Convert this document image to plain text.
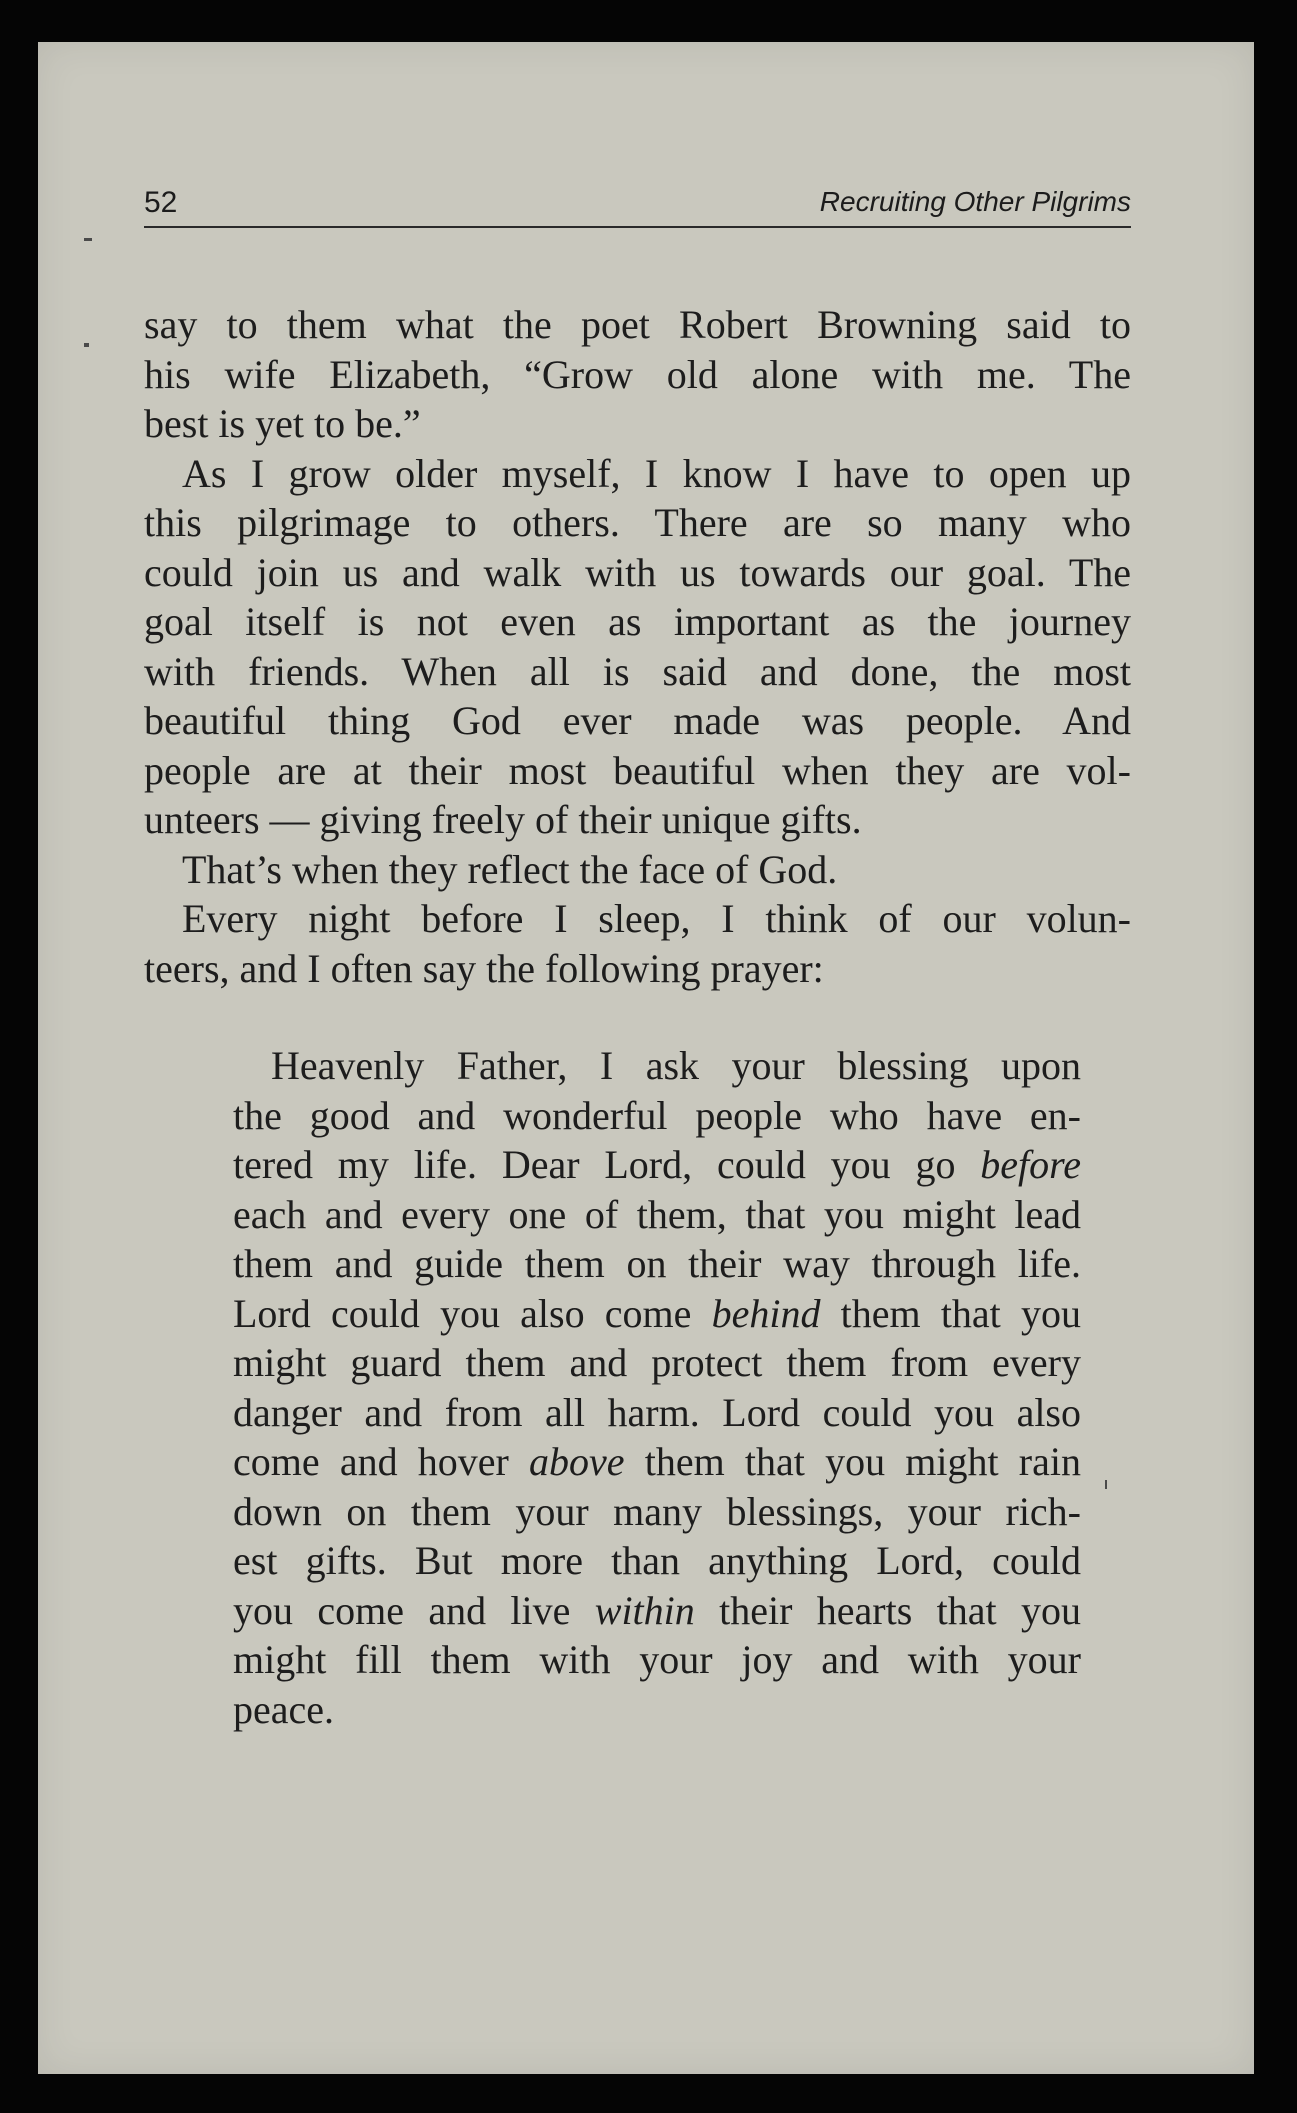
52	Recruiting Other Pilgrims
say to them what the poet Robert Browning said to
his wife Elizabeth, “Grow old alone with me. The
best is yet to be.”
As I grow older myself, I know I have to open up
this pilgrimage to others. There are so many who
could join us and walk with us towards our goal. The
goal itself is not even as important as the journey
with friends. When all is said and done, the most
beautiful thing God ever made was people. And
people are at their most beautiful when they are vol-
unteers — giving freely of their unique gifts.
That’s when they reflect the face of God.
Every night before I sleep, I think of our volun-
teers, and I often say the following prayer:
Heavenly Father, I ask your blessing upon
the good and wonderful people who have en-
tered my life. Dear Lord, could you go before
each and every one of them, that you might lead
them and guide them on their way through life.
Lord could you also come behind them that you
might guard them and protect them from every
danger and from all harm. Lord could you also
come and hover above them that you might rain
down on them your many blessings, your rich-
est gifts. But more than anything Lord, could
you come and live within their hearts that you
might fill them with your joy and with your
peace.
